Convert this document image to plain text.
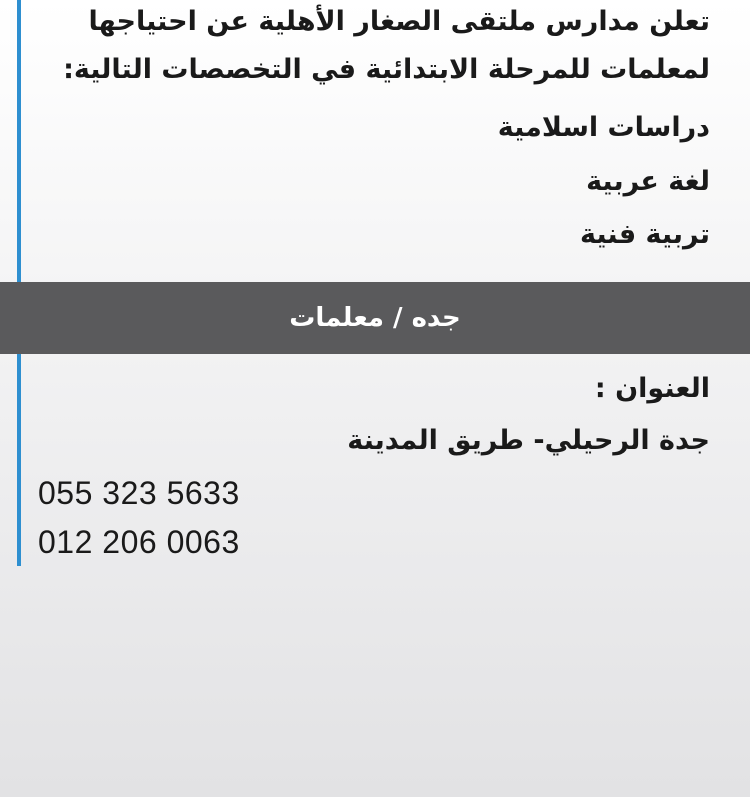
تعلن مدارس ملتقى الصغار الأهلية عن احتياجها
لمعلمات للمرحلة الابتدائية في التخصصات التالية:
دراسات اسلامية
لغة عربية
تربية فنية
جده / معلمات
العنوان :
جدة الرحيلي- طريق المدينة
055 323 5633
012 206 0063
